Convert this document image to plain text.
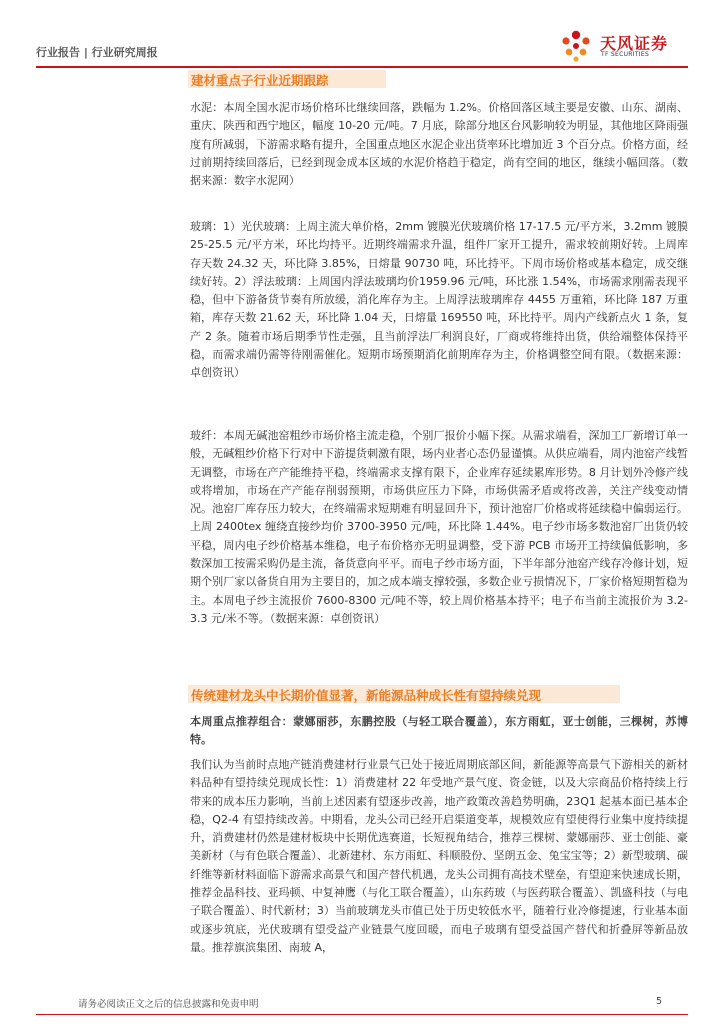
行业报告 | 行业研究周报	天风证券
TF SECURITIES
建材重点子行业近期跟踪

水泥：本周全国水泥市场价格环比继续回落，跌幅为 1.2%。价格回落区域主要是安徽、山东、湖南、重庆、陕西和西宁地区，幅度 10-20 元/吨。7 月底，除部分地区台风影响较为明显，其他地区降雨强度有所减弱，下游需求略有提升，全国重点地区水泥企业出货率环比增加近 3 个百分点。价格方面，经过前期持续回落后，已经到现金成本区域的水泥价格趋于稳定，尚有空间的地区，继续小幅回落。（数据来源：数字水泥网）

玻璃：1）光伏玻璃：上周主流大单价格，2mm 镀膜光伏玻璃价格 17-17.5 元/平方米，3.2mm 镀膜 25-25.5 元/平方米，环比均持平。近期终端需求升温，组件厂家开工提升，需求较前期好转。上周库存天数 24.32 天，环比降 3.85%，日熔量 90730 吨，环比持平。下周市场价格或基本稳定，成交继续好转。2）浮法玻璃：上周国内浮法玻璃均价1959.96 元/吨，环比涨 1.54%，市场需求刚需表现平稳，但中下游备货节奏有所放缓，消化库存为主。上周浮法玻璃库存 4455 万重箱，环比降 187 万重箱，库存天数 21.62 天，环比降 1.04 天，日熔量 169550 吨，环比持平。周内产线新点火 1 条，复产 2 条。随着市场后期季节性走强，且当前浮法厂利润良好，厂商或将维持出货，供给端整体保持平稳，而需求端仍需等待刚需催化。短期市场预期消化前期库存为主，价格调整空间有限。（数据来源：卓创资讯）

玻纤：本周无碱池窑粗纱市场价格主流走稳，个别厂报价小幅下探。从需求端看，深加工厂新增订单一般，无碱粗纱价格下行对中下游提货刺激有限，场内业者心态仍显谨慎。从供应端看，周内池窑产线暂无调整，市场在产产能维持平稳，终端需求支撑有限下，企业库存延续累库形势。8 月计划外冷修产线或将增加，市场在产产能存削弱预期，市场供应压力下降，市场供需矛盾或将改善，关注产线变动情况。池窑厂库存压力较大，在终端需求短期难有明显回升下，预计池窑厂价格或将延续稳中偏弱运行。上周 2400tex 缠绕直接纱均价 3700-3950 元/吨，环比降 1.44%。电子纱市场多数池窑厂出货仍较平稳，周内电子纱价格基本维稳，电子布价格亦无明显调整，受下游 PCB 市场开工持续偏低影响，多数深加工按需采购仍是主流，备货意向平平。而电子纱市场方面，下半年部分池窑产线存冷修计划，短期个别厂家以备货自用为主要目的，加之成本端支撑较强，多数企业亏损情况下，厂家价格短期暂稳为主。本周电子纱主流报价 7600-8300 元/吨不等，较上周价格基本持平；电子布当前主流报价为 3.2-3.3 元/米不等。（数据来源：卓创资讯）

传统建材龙头中长期价值显著，新能源品种成长性有望持续兑现

本周重点推荐组合：蒙娜丽莎，东鹏控股（与轻工联合覆盖），东方雨虹，亚士创能，三棵树，苏博特。

我们认为当前时点地产链消费建材行业景气已处于接近周期底部区间，新能源等高景气下游相关的新材料品种有望持续兑现成长性：1）消费建材 22 年受地产景气度、资金链，以及大宗商品价格持续上行带来的成本压力影响，当前上述因素有望逐步改善，地产政策改善趋势明确，23Q1 起基本面已基本企稳，Q2-4 有望持续改善。中期看，龙头公司已经开启渠道变革，规模效应有望使得行业集中度持续提升，消费建材仍然是建材板块中长期优选赛道，长短视角结合，推荐三棵树、蒙娜丽莎、亚士创能、豪美新材（与有色联合覆盖）、北新建材、东方雨虹、科顺股份、坚朗五金、兔宝宝等；2）新型玻璃、碳纤维等新材料面临下游需求高景气和国产替代机遇，龙头公司拥有高技术壁垒，有望迎来快速成长期，推荐金晶科技、亚玛顿、中复神鹰（与化工联合覆盖），山东药玻（与医药联合覆盖）、凯盛科技（与电子联合覆盖）、时代新材；3）当前玻璃龙头市值已处于历史较低水平，随着行业冷修提速，行业基本面或逐步筑底，光伏玻璃有望受益产业链景气度回暖，而电子玻璃有望受益国产替代和折叠屏等新品放量。推荐旗滨集团、南玻 A，

请务必阅读正文之后的信息披露和免责申明	5
